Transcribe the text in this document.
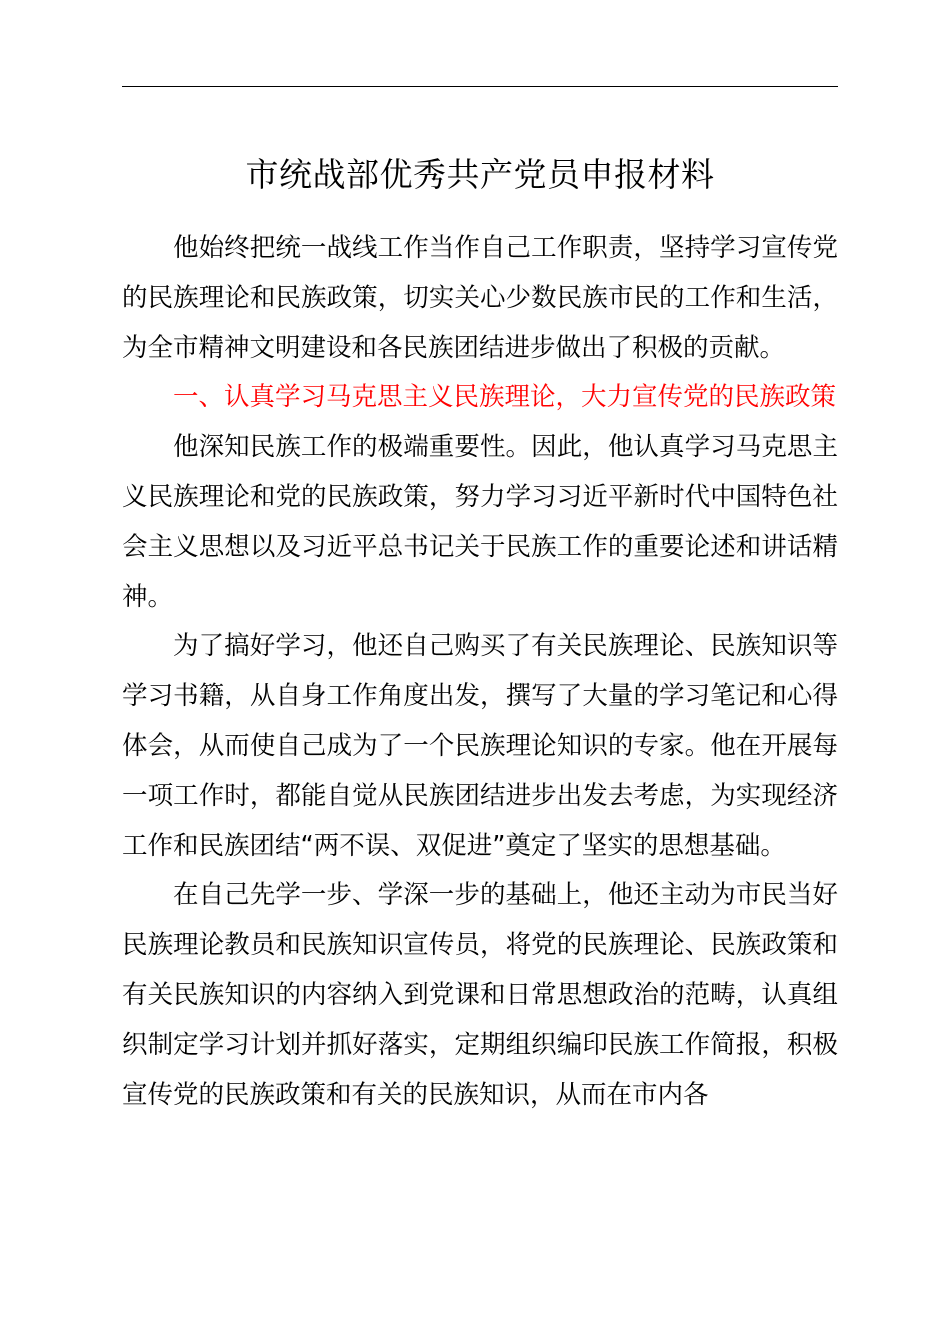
市统战部优秀共产党员申报材料

他始终把统一战线工作当作自己工作职责，坚持学习宣传党的民族理论和民族政策，切实关心少数民族市民的工作和生活，为全市精神文明建设和各民族团结进步做出了积极的贡献。

一、认真学习马克思主义民族理论，大力宣传党的民族政策

他深知民族工作的极端重要性。因此，他认真学习马克思主义民族理论和党的民族政策，努力学习习近平新时代中国特色社会主义思想以及习近平总书记关于民族工作的重要论述和讲话精神。

为了搞好学习，他还自己购买了有关民族理论、民族知识等学习书籍，从自身工作角度出发，撰写了大量的学习笔记和心得体会，从而使自己成为了一个民族理论知识的专家。他在开展每一项工作时，都能自觉从民族团结进步出发去考虑，为实现经济工作和民族团结“两不误、双促进”奠定了坚实的思想基础。

在自己先学一步、学深一步的基础上，他还主动为市民当好民族理论教员和民族知识宣传员，将党的民族理论、民族政策和有关民族知识的内容纳入到党课和日常思想政治的范畴，认真组织制定学习计划并抓好落实，定期组织编印民族工作简报，积极宣传党的民族政策和有关的民族知识，从而在市内各
